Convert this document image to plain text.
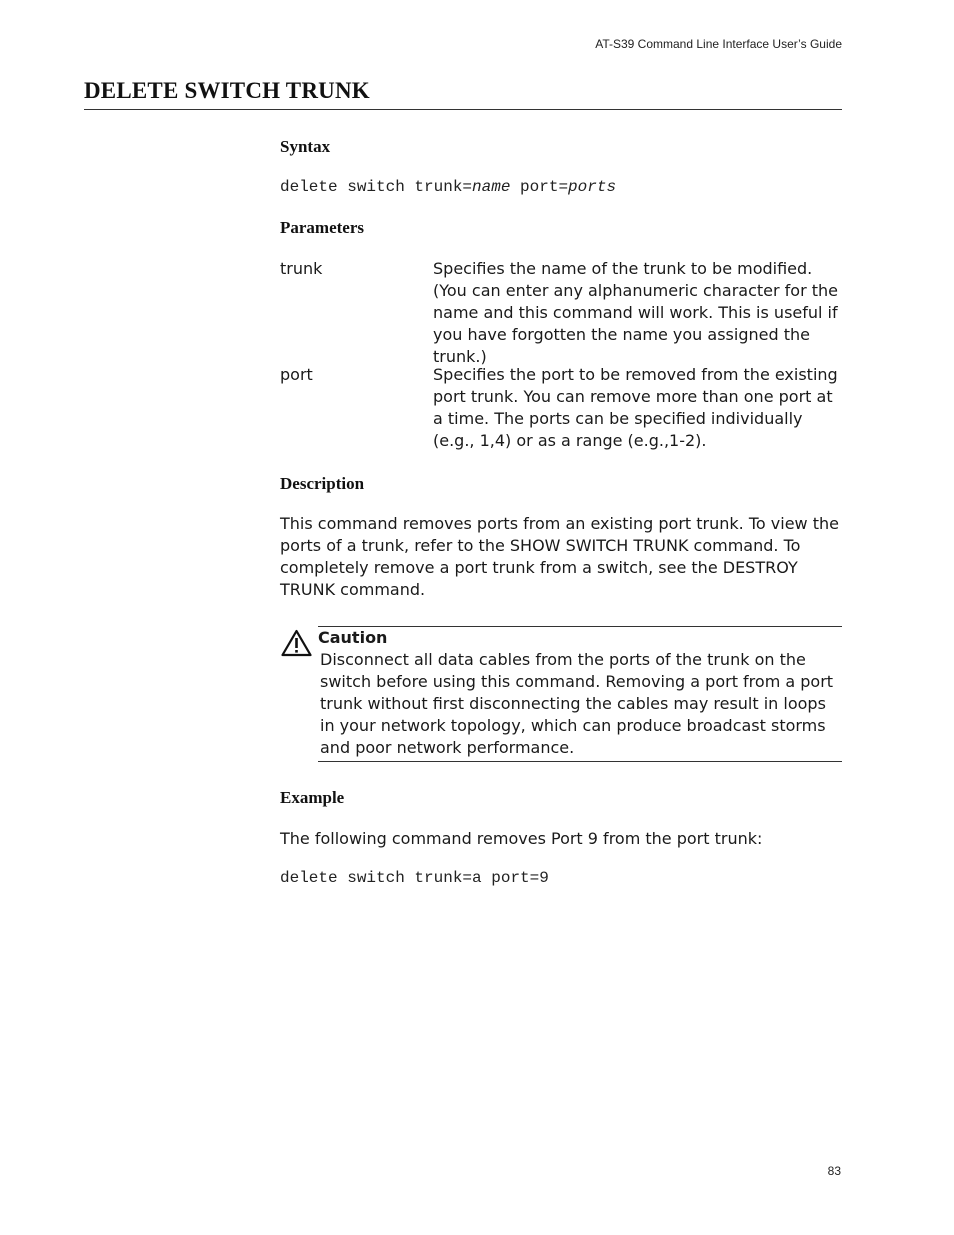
AT-S39 Command Line Interface User’s Guide
DELETE SWITCH TRUNK
Syntax

delete switch trunk=name port=ports

Parameters
trunk	Specifies the name of the trunk to be modified. (You can enter any alphanumeric character for the name and this command will work. This is useful if you have forgotten the name you assigned the trunk.)
port	Specifies the port to be removed from the existing port trunk. You can remove more than one port at a time. The ports can be specified individually (e.g., 1,4) or as a range (e.g.,1-2).
Description

This command removes ports from an existing port trunk. To view the ports of a trunk, refer to the SHOW SWITCH TRUNK command. To completely remove a port trunk from a switch, see the DESTROY TRUNK command.

Caution
Disconnect all data cables from the ports of the trunk on the switch before using this command. Removing a port from a port trunk without first disconnecting the cables may result in loops in your network topology, which can produce broadcast storms and poor network performance.
Example

The following command removes Port 9 from the port trunk:

delete switch trunk=a port=9

83
